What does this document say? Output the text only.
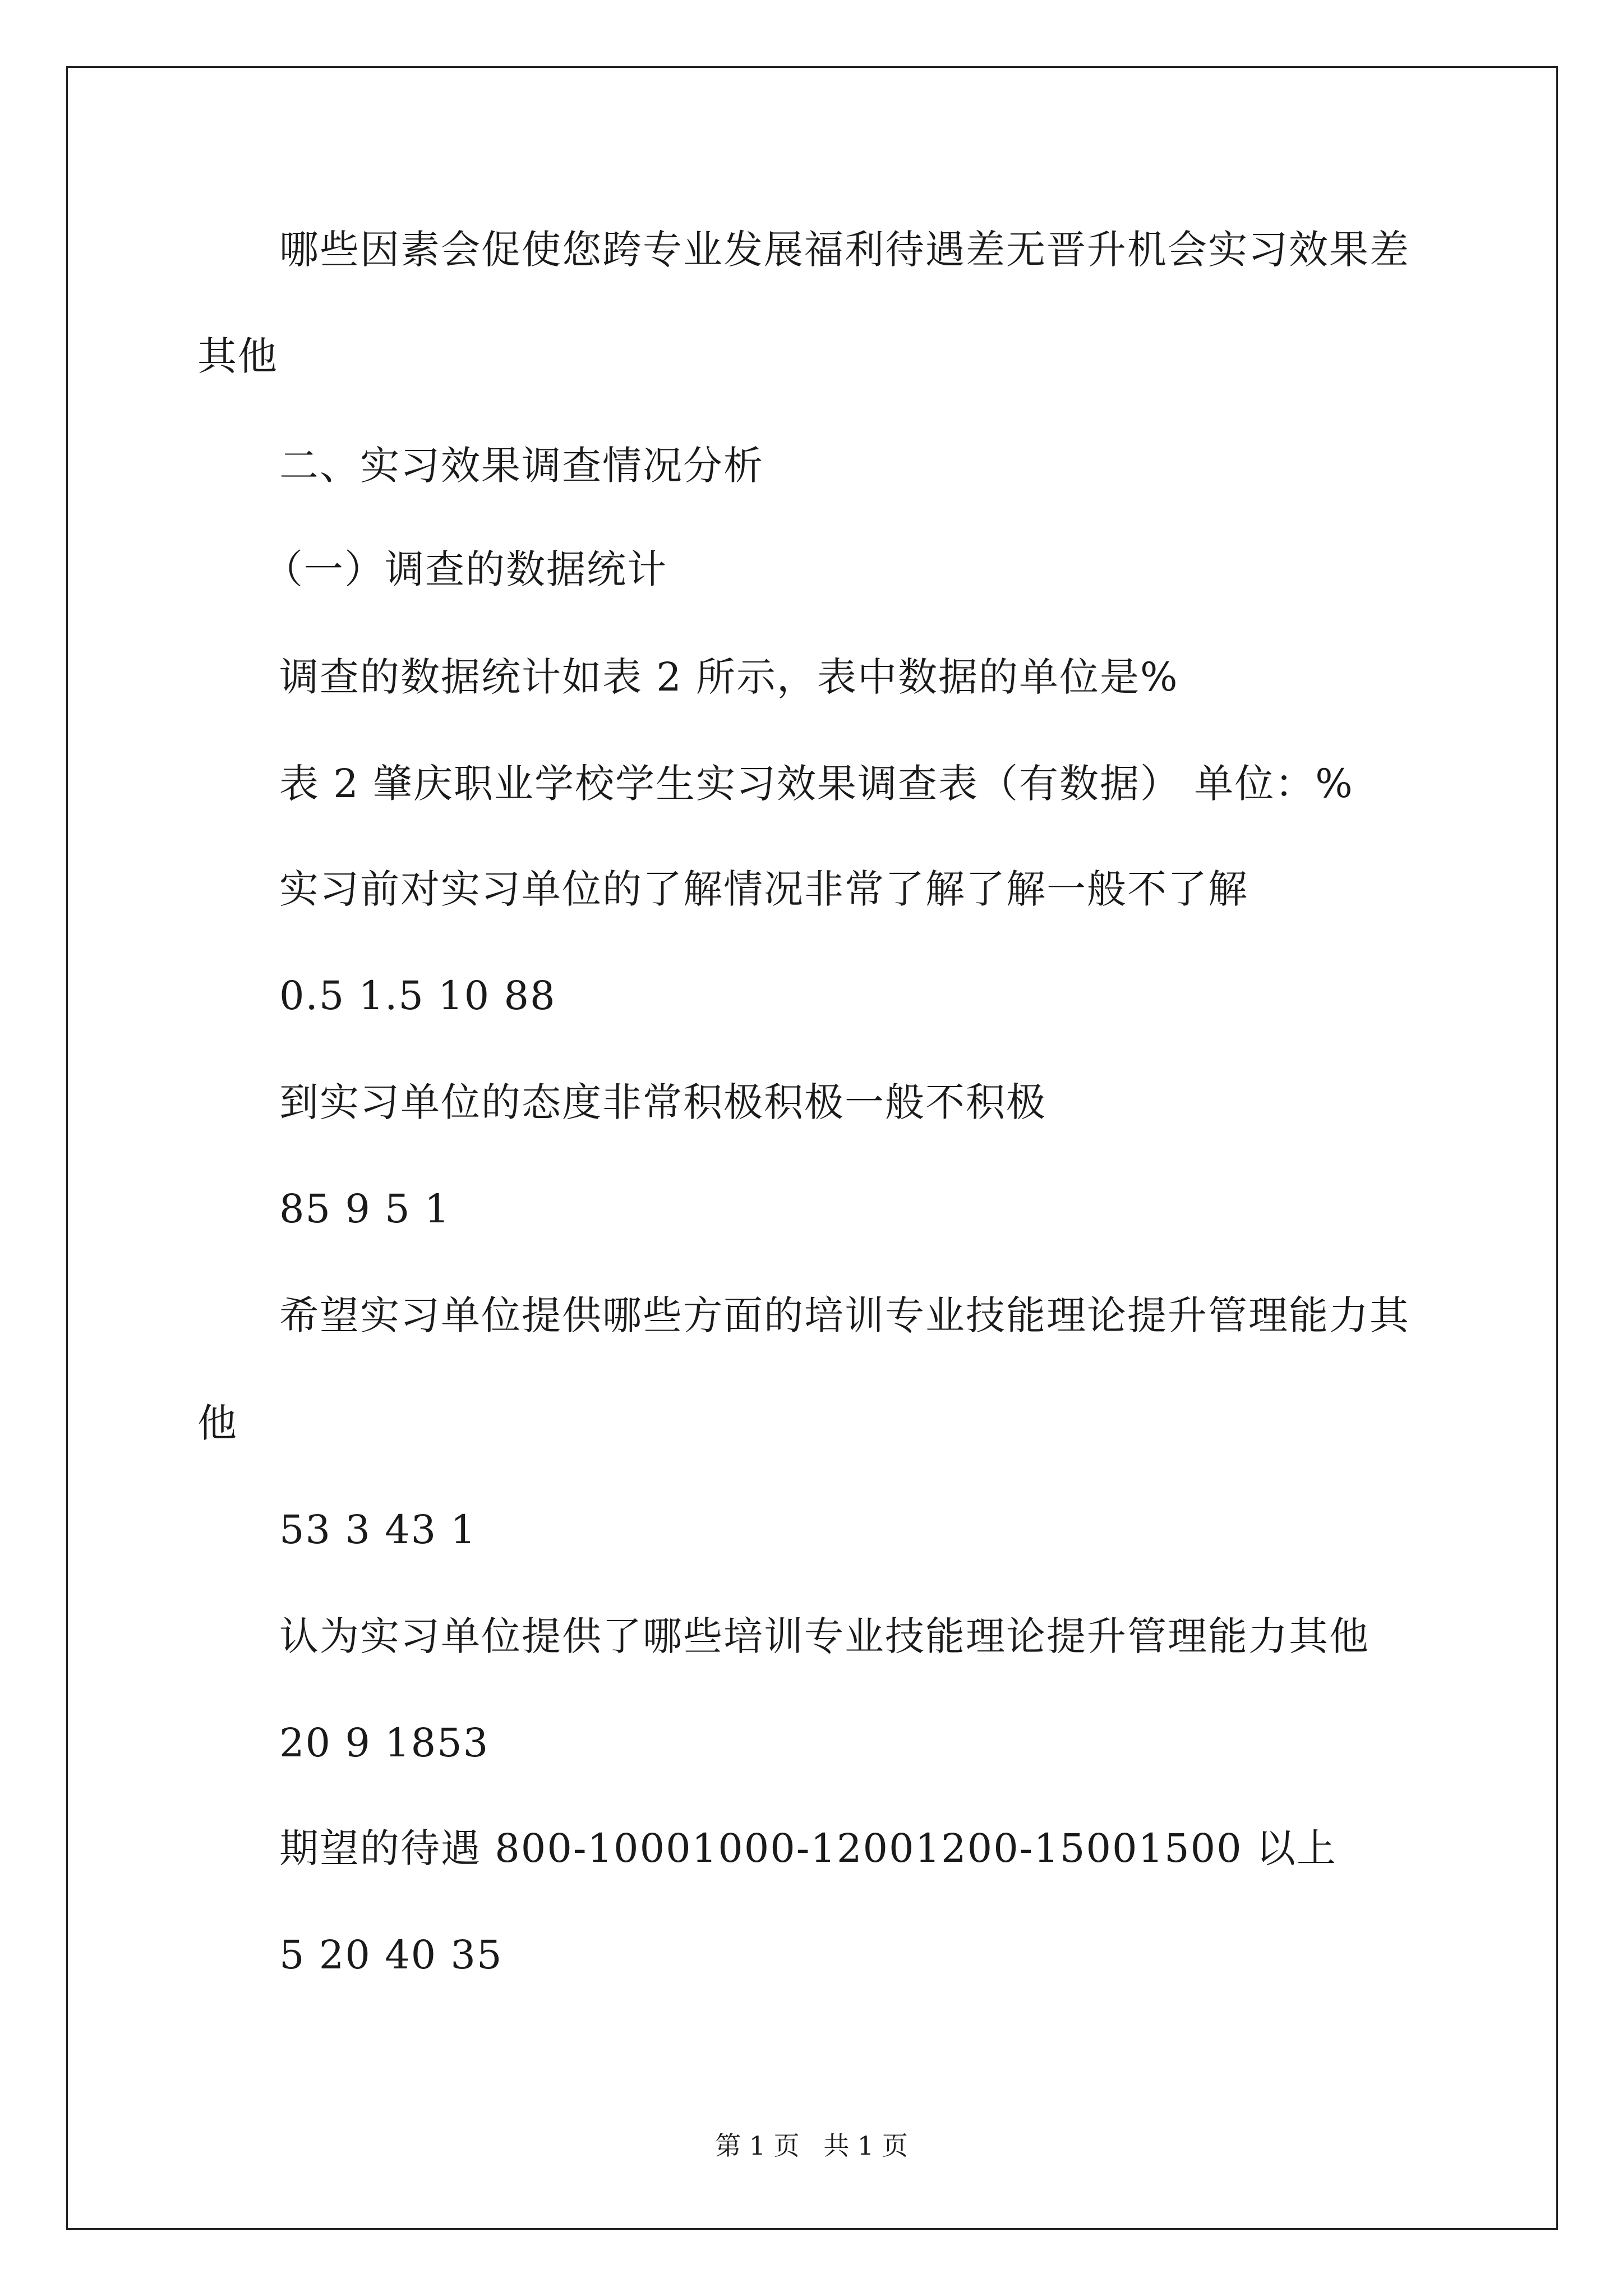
哪些因素会促使您跨专业发展福利待遇差无晋升机会实习效果差
其他
二、实习效果调查情况分析
（一）调查的数据统计
调查的数据统计如表 2 所示，表中数据的单位是%
表 2 肇庆职业学校学生实习效果调查表（有数据） 单位：%
实习前对实习单位的了解情况非常了解了解一般不了解
0.5 1.5 10 88
到实习单位的态度非常积极积极一般不积极
85 9 5 1
希望实习单位提供哪些方面的培训专业技能理论提升管理能力其
他
53 3 43 1
认为实习单位提供了哪些培训专业技能理论提升管理能力其他
20 9 1853
期望的待遇 800-10001000-12001200-15001500 以上
5 20 40 35
第 1 页 共 1 页
